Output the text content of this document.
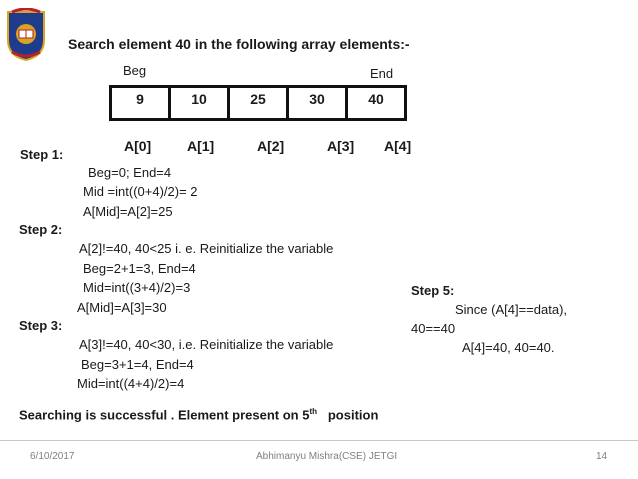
Search element 40 in the following array elements:-
Beg	End
9	10	25	30	40
A[0]	A[1]	A[2]	A[3] A[4]
Step 1:
Beg=0; End=4
Mid =int((0+4)/2)= 2
A[Mid]=A[2]=25
Step 2:
A[2]!=40, 40<25 i. e. Reinitialize the variable
Beg=2+1=3, End=4
Mid=int((3+4)/2)=3
A[Mid]=A[3]=30
Step 3:
A[3]!=40, 40<30, i.e. Reinitialize the variable
Beg=3+1=4, End=4
Mid=int((4+4)/2)=4
Step 5:
Since (A[4]==data),
40==40
A[4]=40, 40=40.
Searching is successful . Element present on 5th position
6/10/2017	Abhimanyu Mishra(CSE) JETGI	14
